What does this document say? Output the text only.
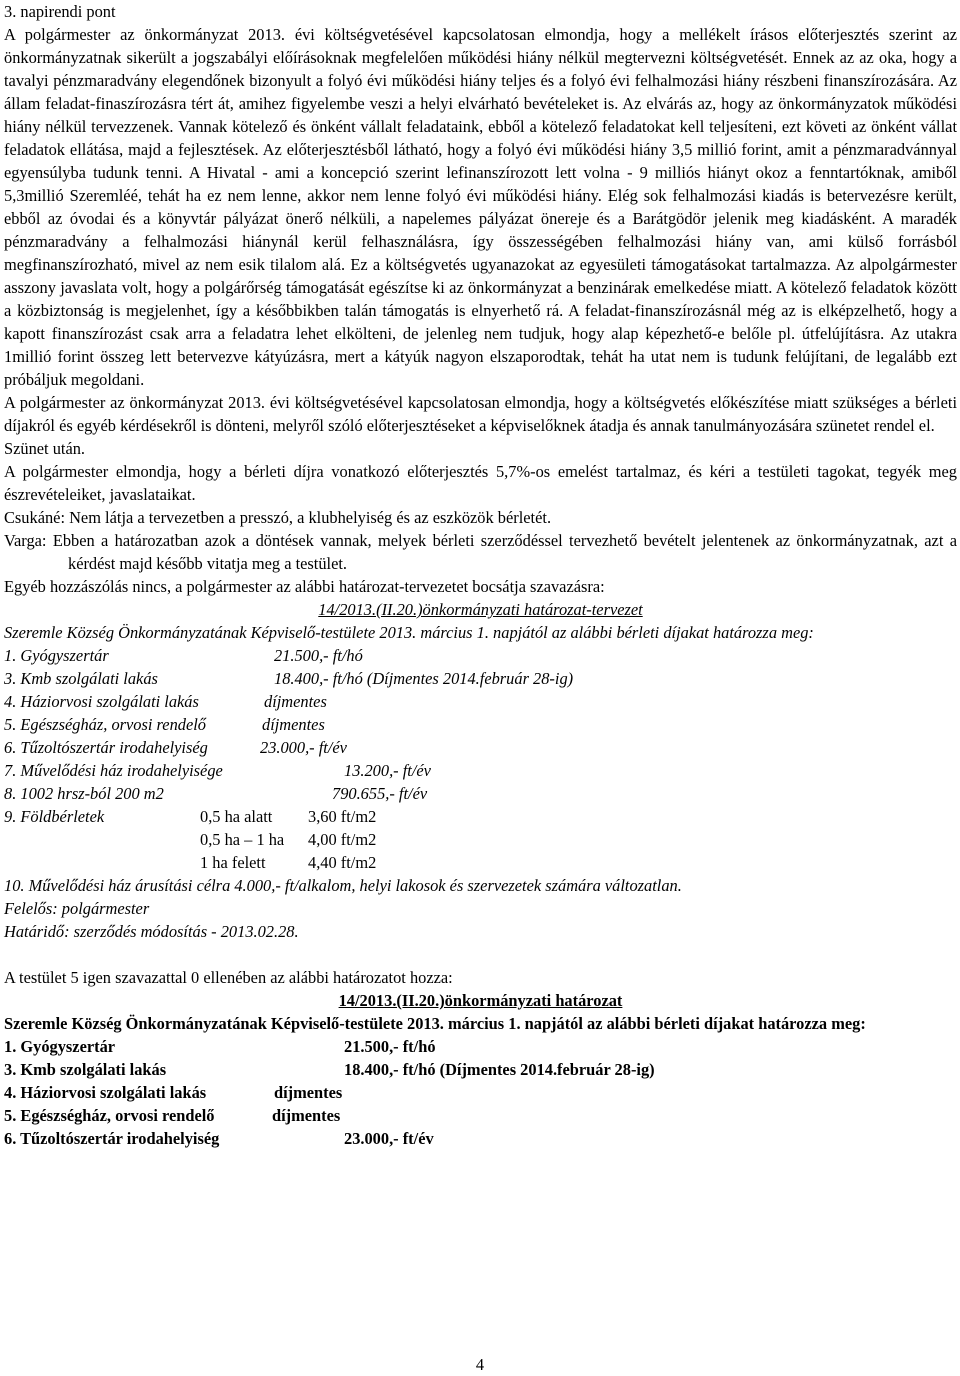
3. napirendi pont

A polgármester az önkormányzat 2013. évi költségvetésével kapcsolatosan elmondja, hogy a mellékelt írásos előterjesztés szerint az önkormányzatnak sikerült a jogszabályi előírásoknak megfelelően működési hiány nélkül megtervezni költségvetését. Ennek az az oka, hogy a tavalyi pénzmaradvány elegendőnek bizonyult a folyó évi működési hiány teljes és a folyó évi felhalmozási hiány részbeni finanszírozására. Az állam feladat-finaszírozásra tért át, amihez figyelembe veszi a helyi elvárható bevételeket is. Az elvárás az, hogy az önkormányzatok működési hiány nélkül tervezzenek. Vannak kötelező és önként vállalt feladataink, ebből a kötelező feladatokat kell teljesíteni, ezt követi az önként vállat feladatok ellátása, majd a fejlesztések. Az előterjesztésből látható, hogy a folyó évi működési hiány 3,5 millió forint, amit a pénzmaradvánnyal egyensúlyba tudunk tenni. A Hivatal - ami a koncepció szerint lefinanszírozott lett volna - 9 milliós hiányt okoz a fenntartóknak, amiből 5,3millió Szeremléé, tehát ha ez nem lenne, akkor nem lenne folyó évi működési hiány. Elég sok felhalmozási kiadás is betervezésre került, ebből az óvodai és a könyvtár pályázat önerő nélküli, a napelemes pályázat önereje és a Barátgödör jelenik meg kiadásként. A maradék pénzmaradvány a felhalmozási hiánynál kerül felhasználásra, így összességében felhalmozási hiány van, ami külső forrásból megfinanszírozható, mivel az nem esik tilalom alá. Ez a költségvetés ugyanazokat az egyesületi támogatásokat tartalmazza. Az alpolgármester asszony javaslata volt, hogy a polgárőrség támogatását egészítse ki az önkormányzat a benzinárak emelkedése miatt. A kötelező feladatok között a közbiztonság is megjelenhet, így a későbbikben talán támogatás is elnyerhető rá. A feladat-finanszírozásnál még az is elképzelhető, hogy a kapott finanszírozást csak arra a feladatra lehet elkölteni, de jelenleg nem tudjuk, hogy alap képezhető-e belőle pl. útfelújításra. Az utakra 1millió forint összeg lett betervezve kátyúzásra, mert a kátyúk nagyon elszaporodtak, tehát ha utat nem is tudunk felújítani, de legalább ezt próbáljuk megoldani.

A polgármester az önkormányzat 2013. évi költségvetésével kapcsolatosan elmondja, hogy a költségvetés előkészítése miatt szükséges a bérleti díjakról és egyéb kérdésekről is dönteni, melyről szóló előterjesztéseket a képviselőknek átadja és annak tanulmányozására szünetet rendel el.

Szünet után.

A polgármester elmondja, hogy a bérleti díjra vonatkozó előterjesztés 5,7%-os emelést tartalmaz, és kéri a testületi tagokat, tegyék meg észrevételeiket, javaslataikat.

Csukáné: Nem látja a tervezetben a presszó, a klubhelyiség és az eszközök bérletét.

Varga: Ebben a határozatban azok a döntések vannak, melyek bérleti szerződéssel tervezhető bevételt jelentenek az önkormányzatnak, azt a kérdést majd később vitatja meg a testület.

Egyéb hozzászólás nincs, a polgármester az alábbi határozat-tervezetet bocsátja szavazásra:

14/2013.(II.20.)önkormányzati határozat-tervezet

Szeremle Község Önkormányzatának Képviselő-testülete 2013. március 1. napjától az alábbi bérleti díjakat határozza meg:

1. Gyógyszertár	21.500,- ft/hó
3. Kmb szolgálati lakás	18.400,- ft/hó (Díjmentes 2014.február 28-ig)
4. Háziorvosi szolgálati lakás	díjmentes
5. Egészségház, orvosi rendelő	díjmentes
6. Tűzoltószertár irodahelyiség	23.000,- ft/év
7. Művelődési ház irodahelyisége	13.200,- ft/év
8. 1002 hrsz-ból 200 m2	790.655,- ft/év
9. Földbérletek	0,5 ha alatt 3,60 ft/m2
0,5 ha – 1 ha 4,00 ft/m2
1 ha felett	4,40 ft/m2
10. Művelődési ház árusítási célra 4.000,- ft/alkalom, helyi lakosok és szervezetek számára változatlan.
Felelős: polgármester
Határidő: szerződés módosítás - 2013.02.28.

A testület 5 igen szavazattal 0 ellenében az alábbi határozatot hozza:

14/2013.(II.20.)önkormányzati határozat

Szeremle Község Önkormányzatának Képviselő-testülete 2013. március 1. napjától az alábbi bérleti díjakat határozza meg:

1. Gyógyszertár	21.500,- ft/hó
3. Kmb szolgálati lakás	18.400,- ft/hó (Díjmentes 2014.február 28-ig)
4. Háziorvosi szolgálati lakás	díjmentes
5. Egészségház, orvosi rendelő	díjmentes
6. Tűzoltószertár irodahelyiség	23.000,- ft/év
4
